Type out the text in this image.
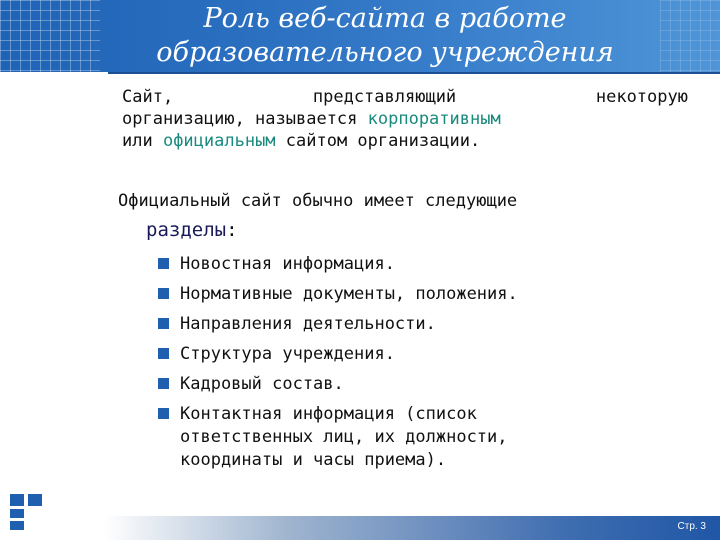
Роль веб-сайта в работе
образовательного учреждения
Сайт,	представляющий	некоторую
организацию, называется корпоративным
или официальным сайтом организации.
Официальный сайт обычно имеет следующие
разделы:
Новостная информация.
Нормативные документы, положения.
Направления деятельности.
Структура учреждения.
Кадровый состав.
Контактная информация (список
ответственных лиц, их должности,
координаты и часы приема).
Стр. 3
